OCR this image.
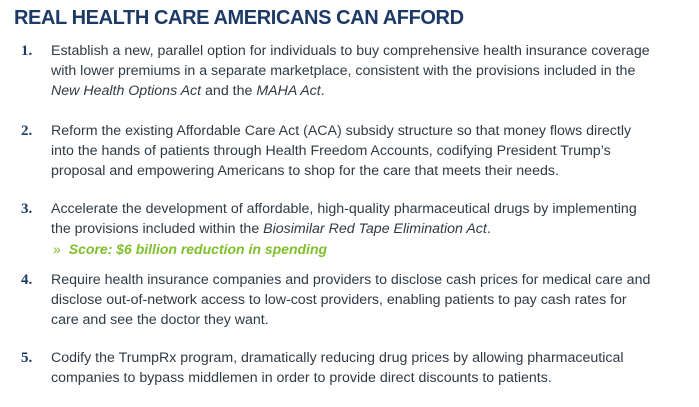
REAL HEALTH CARE AMERICANS CAN AFFORD
1. Establish a new, parallel option for individuals to buy comprehensive health insurance coverage
with lower premiums in a separate marketplace, consistent with the provisions included in the
New Health Options Act and the MAHA Act.
2. Reform the existing Affordable Care Act (ACA) subsidy structure so that money flows directly
into the hands of patients through Health Freedom Accounts, codifying President Trump’s
proposal and empowering Americans to shop for the care that meets their needs.
3. Accelerate the development of affordable, high-quality pharmaceutical drugs by implementing
the provisions included within the Biosimilar Red Tape Elimination Act.
» Score: $6 billion reduction in spending
4. Require health insurance companies and providers to disclose cash prices for medical care and
disclose out-of-network access to low-cost providers, enabling patients to pay cash rates for
care and see the doctor they want.
5. Codify the TrumpRx program, dramatically reducing drug prices by allowing pharmaceutical
companies to bypass middlemen in order to provide direct discounts to patients.
